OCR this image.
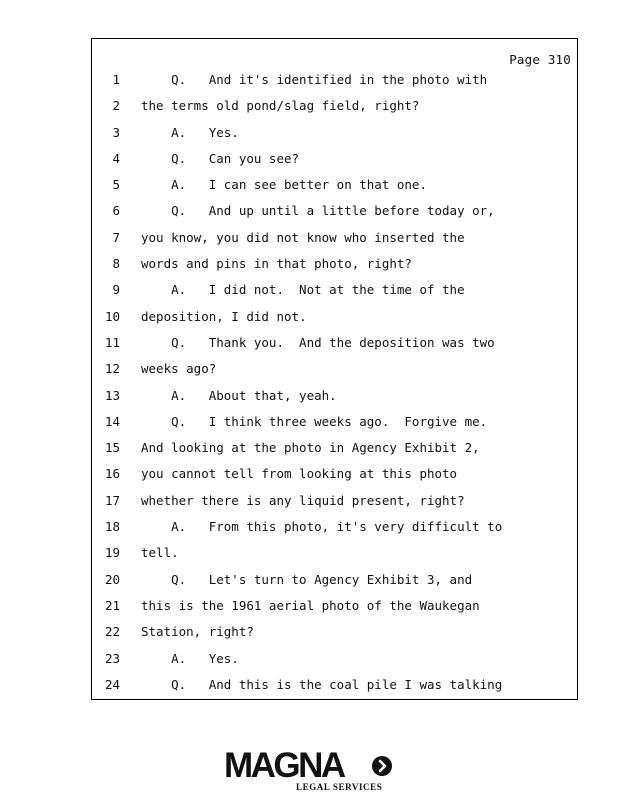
Page 310
1 Q.   And it's identified in the photo with
2 the terms old pond/slag field, right?
3 A.   Yes.
4 Q.   Can you see?
5 A.   I can see better on that one.
6 Q.   And up until a little before today or,
7 you know, you did not know who inserted the
8 words and pins in that photo, right?
9 A.   I did not.  Not at the time of the
10 deposition, I did not.
11 Q.   Thank you.  And the deposition was two
12 weeks ago?
13 A.   About that, yeah.
14 Q.   I think three weeks ago.  Forgive me.
15 And looking at the photo in Agency Exhibit 2,
16 you cannot tell from looking at this photo
17 whether there is any liquid present, right?
18 A.   From this photo, it's very difficult to
19 tell.
20 Q.   Let's turn to Agency Exhibit 3, and
21 this is the 1961 aerial photo of the Waukegan
22 Station, right?
23 A.   Yes.
24 Q.   And this is the coal pile I was talking
MAGNA
LEGAL SERVICES
